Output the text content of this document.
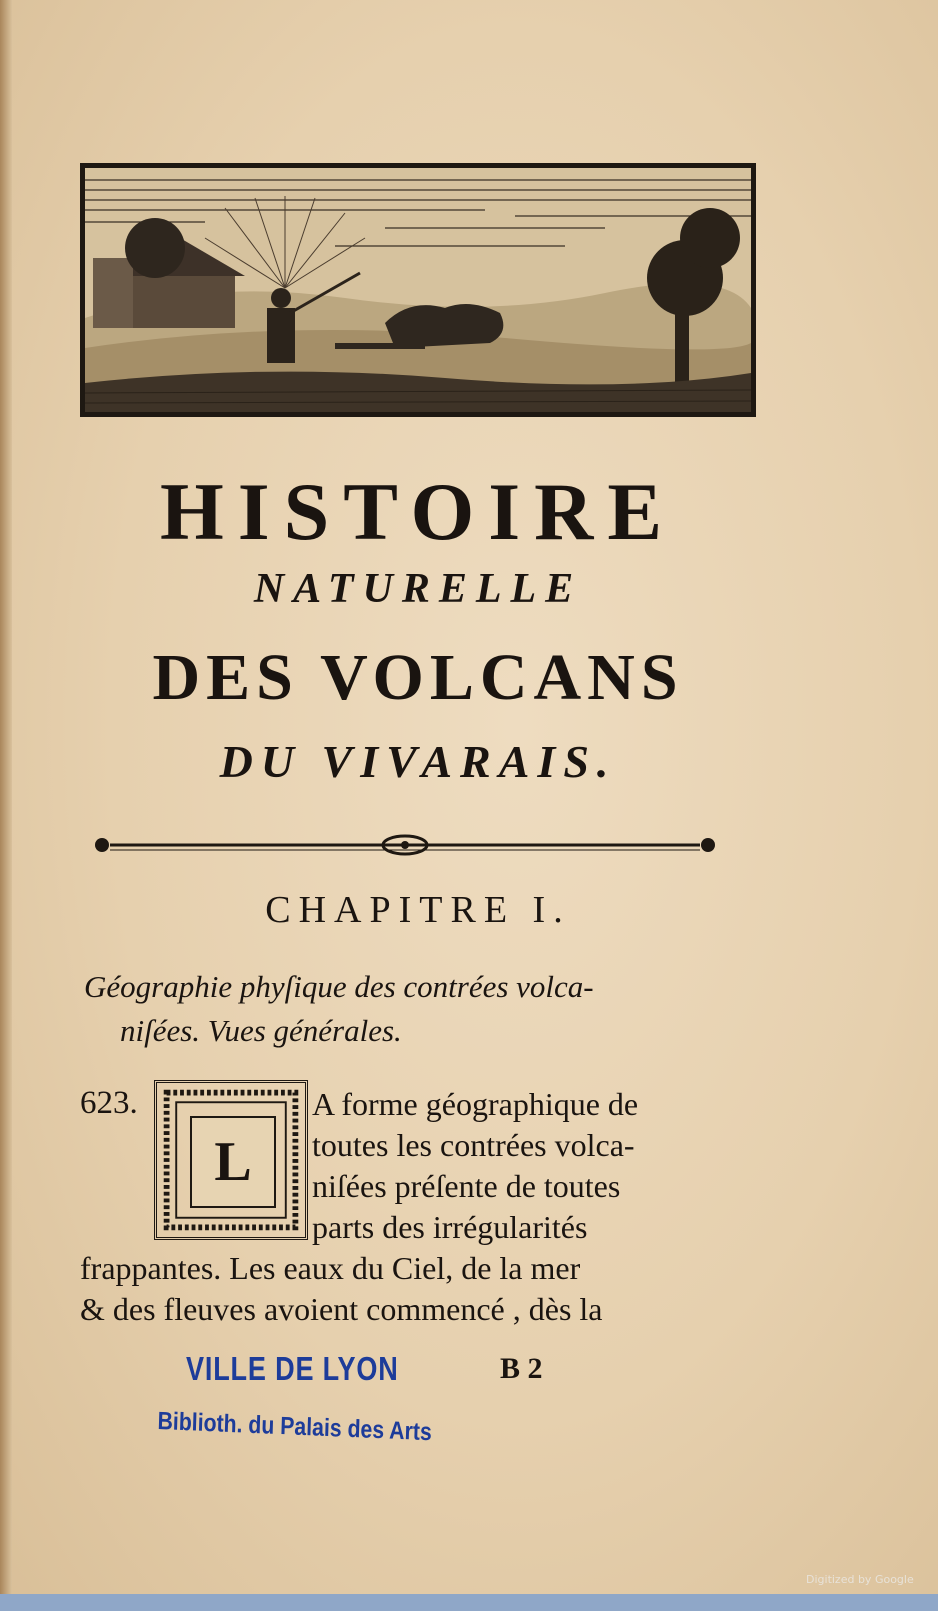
HISTOIRE
NATURELLE
DES VOLCANS
DU VIVARAIS.
CHAPITRE I.
Géographie phyſique des contrées volca-
niſées. Vues générales.
623.
L
A forme géographique de
toutes les contrées volca-
niſées préſente de toutes
parts des irrégularités
frappantes. Les eaux du Ciel, de la mer
& des fleuves avoient commencé , dès la
VILLE DE LYON	B 2
Biblioth. du Palais des Arts
Digitized by Google
